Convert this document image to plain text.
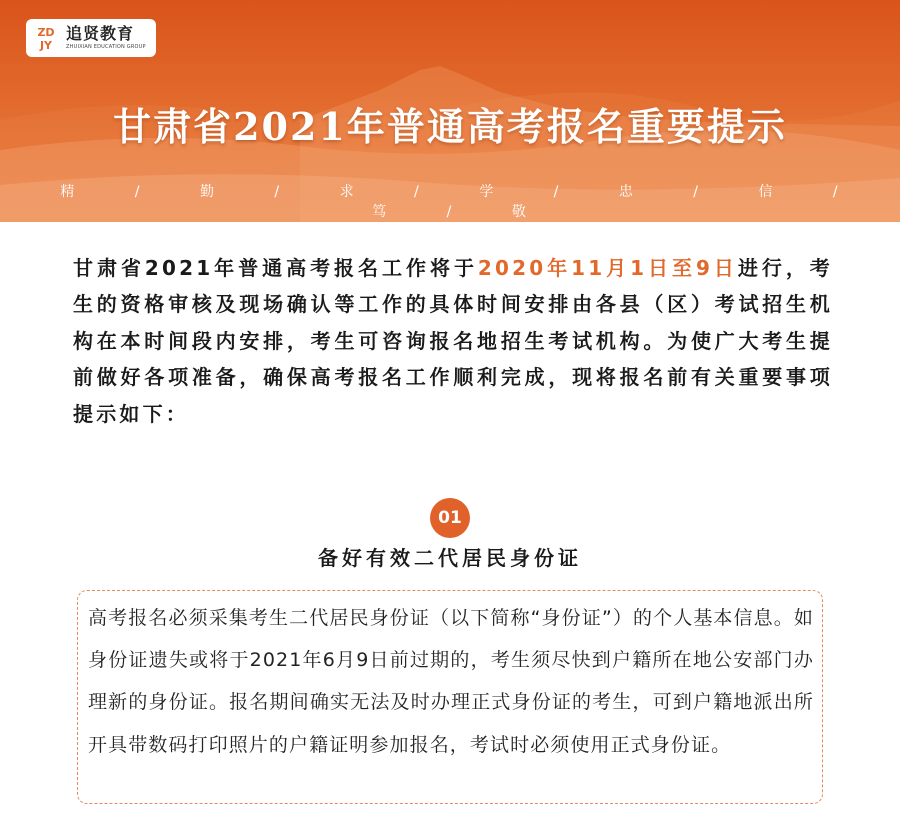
ZD
JY
追贤教育
ZHUIXIAN EDUCATION GROUP
甘肃省2021年普通高考报名重要提示
精	/	勤	/	求	/	学	/	忠	/	信	/ 笃	/	敬
甘肃省2021年普通高考报名工作将于2020年11月1日至9日进行，考生的资格审核及现场确认等工作的具体时间安排由各县（区）考试招生机构在本时间段内安排，考生可咨询报名地招生考试机构。为使广大考生提前做好各项准备，确保高考报名工作顺利完成，现将报名前有关重要事项提示如下：
01
备好有效二代居民身份证
高考报名必须采集考生二代居民身份证（以下简称“身份证”）的个人基本信息。如身份证遗失或将于2021年6月9日前过期的，考生须尽快到户籍所在地公安部门办理新的身份证。报名期间确实无法及时办理正式身份证的考生，可到户籍地派出所开具带数码打印照片的户籍证明参加报名，考试时必须使用正式身份证。
